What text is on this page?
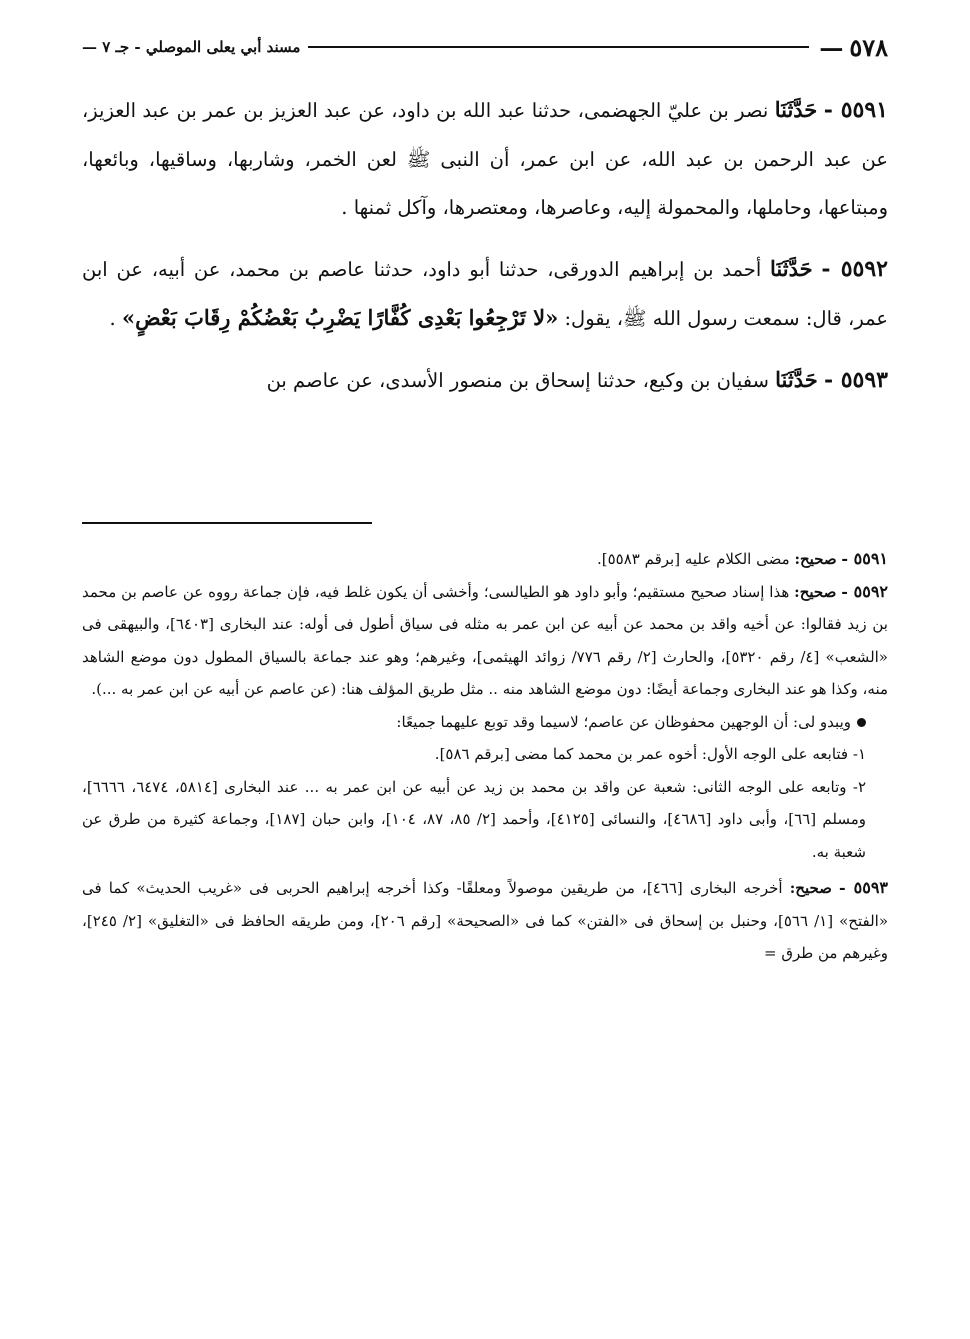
٥٧٨ —
مسند أبي يعلى الموصلي - جـ ٧ —

٥٥٩١ - حَدَّثَنَا نصر بن عليّ الجهضمى، حدثنا عبد الله بن داود، عن عبد العزيز بن عمر بن عبد العزيز، عن عبد الرحمن بن عبد الله، عن ابن عمر، أن النبى ﷺ لعن الخمر، وشاربها، وساقيها، وبائعها، ومبتاعها، وحاملها، والمحمولة إليه، وعاصرها، ومعتصرها، وآكل ثمنها .

٥٥٩٢ - حَدَّثَنَا أحمد بن إبراهيم الدورقى، حدثنا أبو داود، حدثنا عاصم بن محمد، عن أبيه، عن ابن عمر، قال: سمعت رسول الله ﷺ، يقول: «لا تَرْجِعُوا بَعْدِى كُفَّارًا يَضْرِبُ بَعْضُكُمْ رِقَابَ بَعْضٍ» .

٥٥٩٣ - حَدَّثَنَا سفيان بن وكيع، حدثنا إسحاق بن منصور الأسدى، عن عاصم بن

٥٥٩١ - صحيح: مضى الكلام عليه [برقم ٥٥٨٣].

٥٥٩٢ - صحيح: هذا إسناد صحيح مستقيم؛ وأبو داود هو الطيالسى؛ وأخشى أن يكون غلط فيه، فإن جماعة رووه عن عاصم بن محمد بن زيد فقالوا: عن أخيه واقد بن محمد عن أبيه عن ابن عمر به مثله فى سياق أطول فى أوله: عند البخارى [٦٤٠٣]، والبيهقى فى «الشعب» [٤/ رقم ٥٣٢٠]، والحارث [٢/ رقم ٧٧٦/ زوائد الهيثمى]، وغيرهم؛ وهو عند جماعة بالسياق المطول دون موضع الشاهد منه، وكذا هو عند البخارى وجماعة أيضًا: دون موضع الشاهد منه .. مثل طريق المؤلف هنا: (عن عاصم عن أبيه عن ابن عمر به ...).

ويبدو لى: أن الوجهين محفوظان عن عاصم؛ لاسيما وقد توبع عليهما جميعًا:

١- فتابعه على الوجه الأول: أخوه عمر بن محمد كما مضى [برقم ٥٨٦].

٢- وتابعه على الوجه الثانى: شعبة عن واقد بن محمد بن زيد عن أبيه عن ابن عمر به ... عند البخارى [٥٨١٤، ٦٤٧٤، ٦٦٦٦]، ومسلم [٦٦]، وأبى داود [٤٦٨٦]، والنسائى [٤١٢٥]، وأحمد [٢/ ٨٥، ٨٧، ١٠٤]، وابن حبان [١٨٧]، وجماعة كثيرة من طرق عن شعبة به.

٥٥٩٣ - صحيح: أخرجه البخارى [٤٦٦]، من طريقين موصولاً ومعلقًا- وكذا أخرجه إبراهيم الحربى فى «غريب الحديث» كما فى «الفتح» [١/ ٥٦٦]، وحنبل بن إسحاق فى «الفتن» كما فى «الصحيحة» [رقم ٢٠٦]، ومن طريقه الحافظ فى «التغليق» [٢/ ٢٤٥]، وغيرهم من طرق =
